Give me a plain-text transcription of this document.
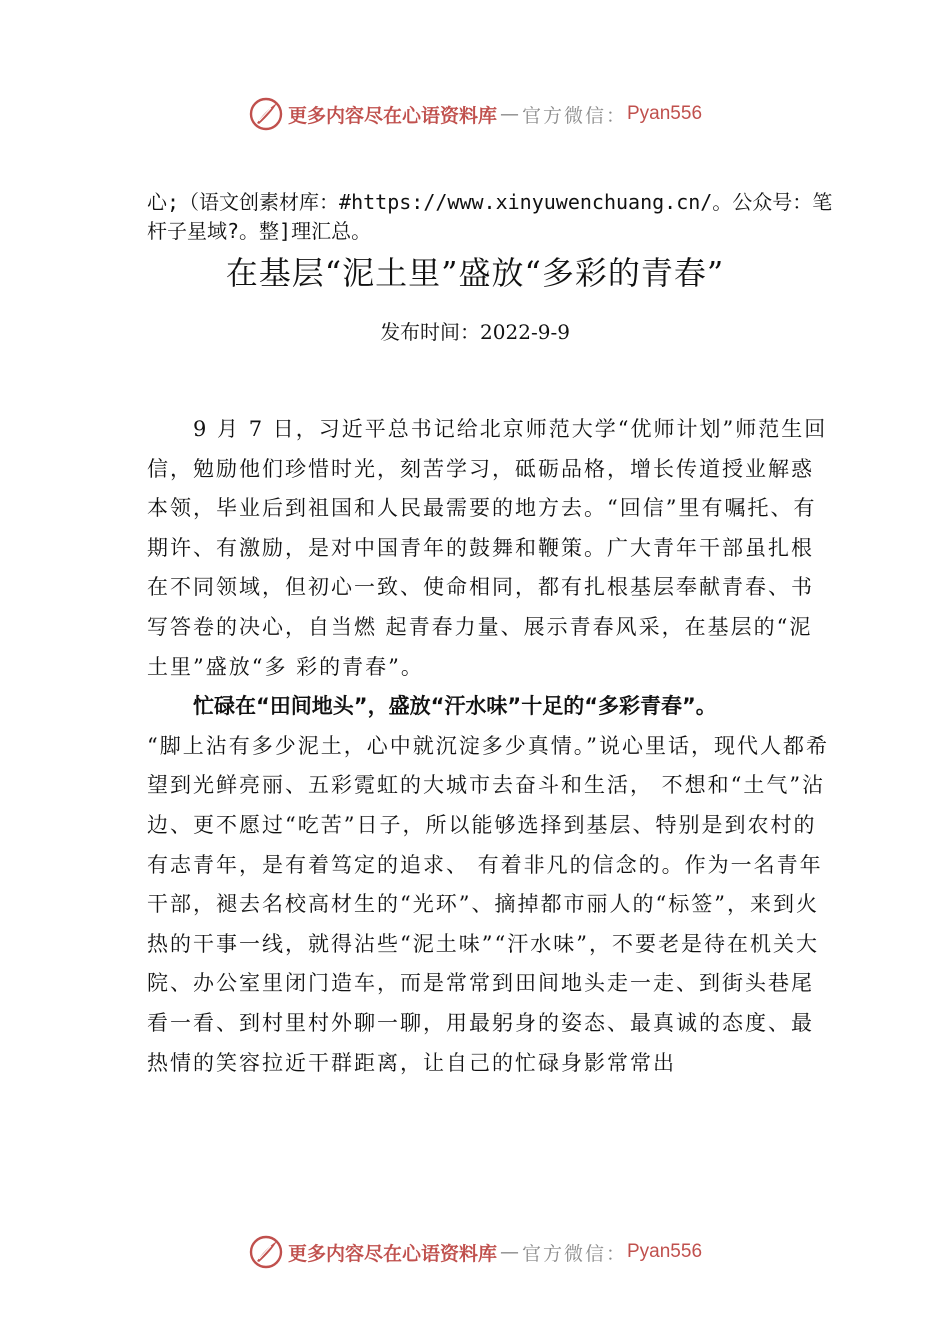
更多内容尽在心语资料库 — 官方微信： Pyan556

心;（语文创素材库：#https://www.xinyuwenchuang.cn/。公众号：笔杆子星域?。整]理汇总。

在基层“泥土里”盛放“多彩的青春”

发布时间：2022-9-9

9 月 7 日，习近平总书记给北京师范大学“优师计划”师范生回信，勉励他们珍惜时光，刻苦学习，砥砺品格，增长传道授业解惑本领，毕业后到祖国和人民最需要的地方去。“回信”里有嘱托、有期许、有激励，是对中国青年的鼓舞和鞭策。广大青年干部虽扎根在不同领域，但初心一致、使命相同，都有扎根基层奉献青春、书写答卷的决心，自当燃 起青春力量、展示青春风采，在基层的“泥土里”盛放“多 彩的青春”。

忙碌在“田间地头”，盛放“汗水味”十足的“多彩青春”。

“脚上沾有多少泥土，心中就沉淀多少真情。”说心里话，现代人都希望到光鲜亮丽、五彩霓虹的大城市去奋斗和生活， 不想和“土气”沾边、更不愿过“吃苦”日子，所以能够选择到基层、特别是到农村的有志青年，是有着笃定的追求、 有着非凡的信念的。作为一名青年干部，褪去名校高材生的“光环”、摘掉都市丽人的“标签”，来到火热的干事一线，就得沾些“泥土味”“汗水味”，不要老是待在机关大院、办公室里闭门造车，而是常常到田间地头走一走、到街头巷尾看一看、到村里村外聊一聊，用最躬身的姿态、最真诚的态度、最热情的笑容拉近干群距离，让自己的忙碌身影常常出

更多内容尽在心语资料库 — 官方微信： Pyan556
